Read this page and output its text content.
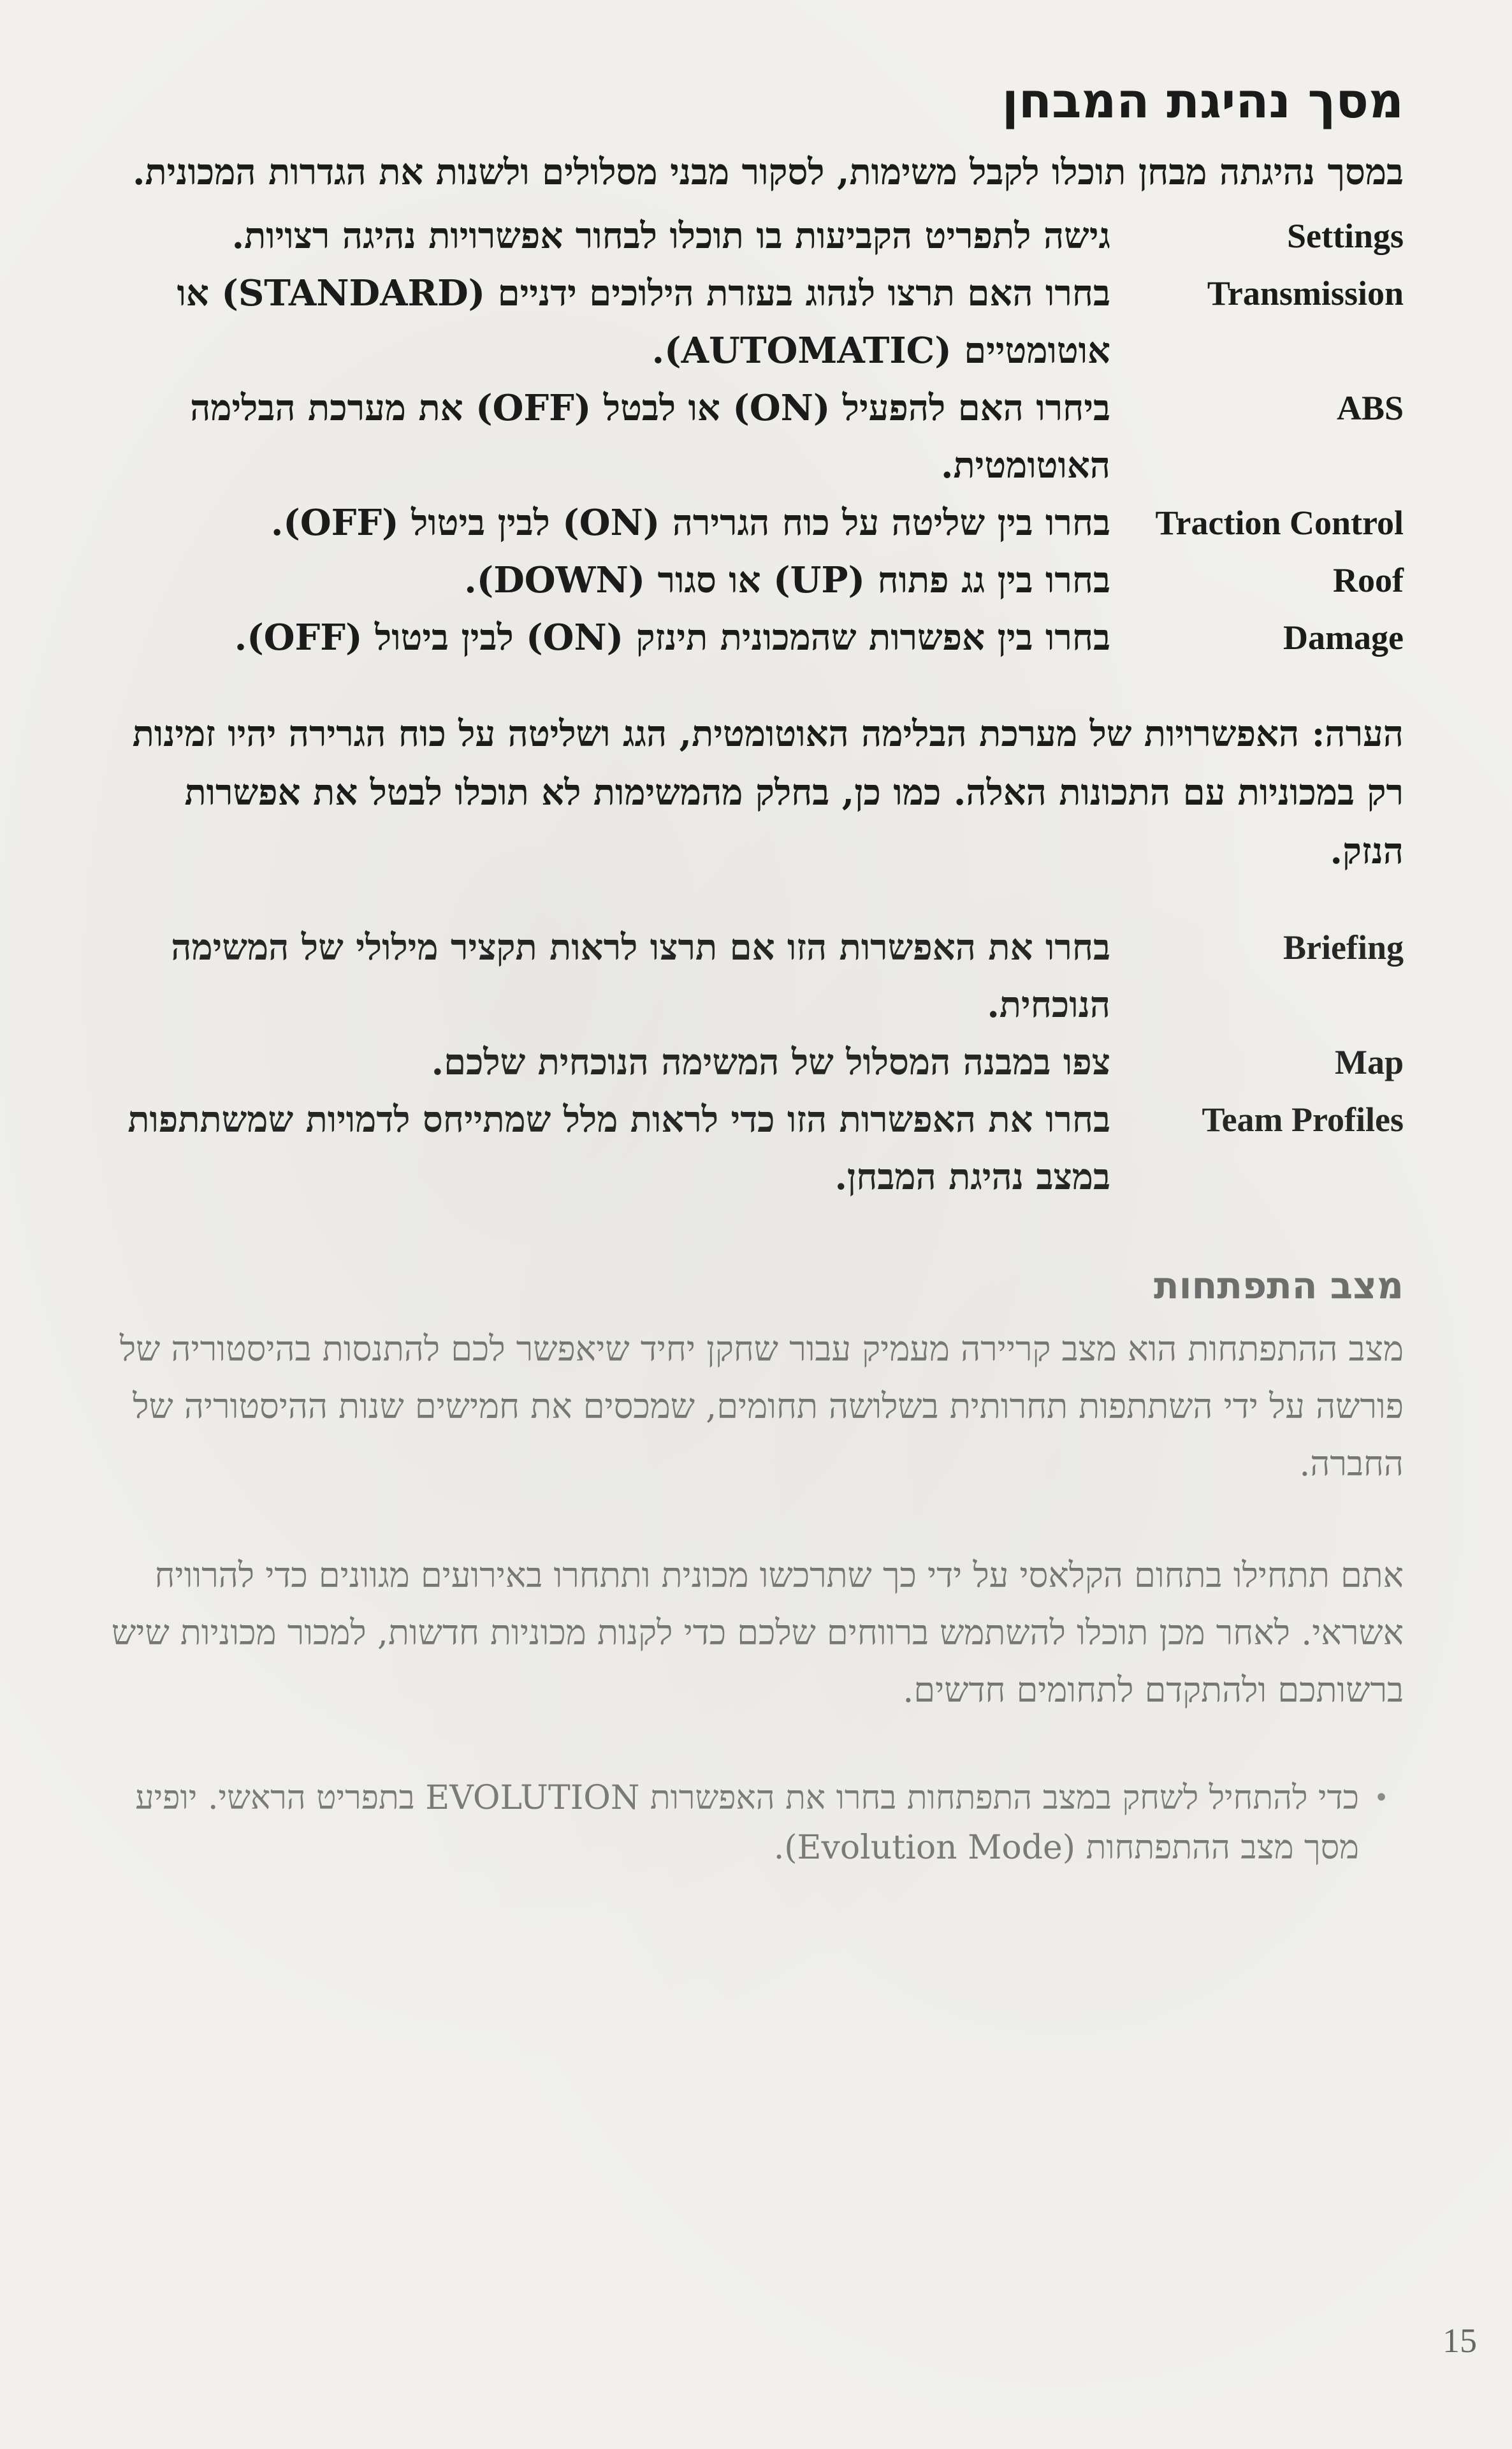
מסך נהיגת המבחן

במסך נהיגתה מבחן תוכלו לקבל משימות, לסקור מבני מסלולים ולשנות את הגדרות המכונית.

Settings
גישה לתפריט הקביעות בו תוכלו לבחור אפשרויות נהיגה רצויות.
Transmission
בחרו האם תרצו לנהוג בעזרת הילוכים ידניים (STANDARD) או אוטומטיים (AUTOMATIC).
ABS
ביחרו האם להפעיל (ON) או לבטל (OFF) את מערכת הבלימה האוטומטית.
Traction Control
בחרו בין שליטה על כוח הגרירה (ON) לבין ביטול (OFF).
Roof
בחרו בין גג פתוח (UP) או סגור (DOWN).
Damage
בחרו בין אפשרות שהמכונית תינזק (ON) לבין ביטול (OFF).

הערה: האפשרויות של מערכת הבלימה האוטומטית, הגג ושליטה על כוח הגרירה יהיו זמינות רק במכוניות עם התכונות האלה. כמו כן, בחלק מהמשימות לא תוכלו לבטל את אפשרות הנזק.

Briefing
בחרו את האפשרות הזו אם תרצו לראות תקציר מילולי של המשימה הנוכחית.
Map
צפו במבנה המסלול של המשימה הנוכחית שלכם.
Team Profiles
בחרו את האפשרות הזו כדי לראות מלל שמתייחס לדמויות שמשתתפות במצב נהיגת המבחן.
מצב התפתחות

מצב ההתפתחות הוא מצב קריירה מעמיק עבור שחקן יחיד שיאפשר לכם להתנסות בהיסטוריה של פורשה על ידי השתתפות תחרותית בשלושה תחומים, שמכסים את חמישים שנות ההיסטוריה של החברה.

אתם תתחילו בתחום הקלאסי על ידי כך שתרכשו מכונית ותתחרו באירועים מגוונים כדי להרוויח אשראי. לאחר מכן תוכלו להשתמש ברווחים שלכם כדי לקנות מכוניות חדשות, למכור מכוניות שיש ברשותכם ולהתקדם לתחומים חדשים.

•
כדי להתחיל לשחק במצב התפתחות בחרו את האפשרות EVOLUTION בתפריט הראשי. יופיע מסך מצב ההתפתחות (Evolution Mode).
15
